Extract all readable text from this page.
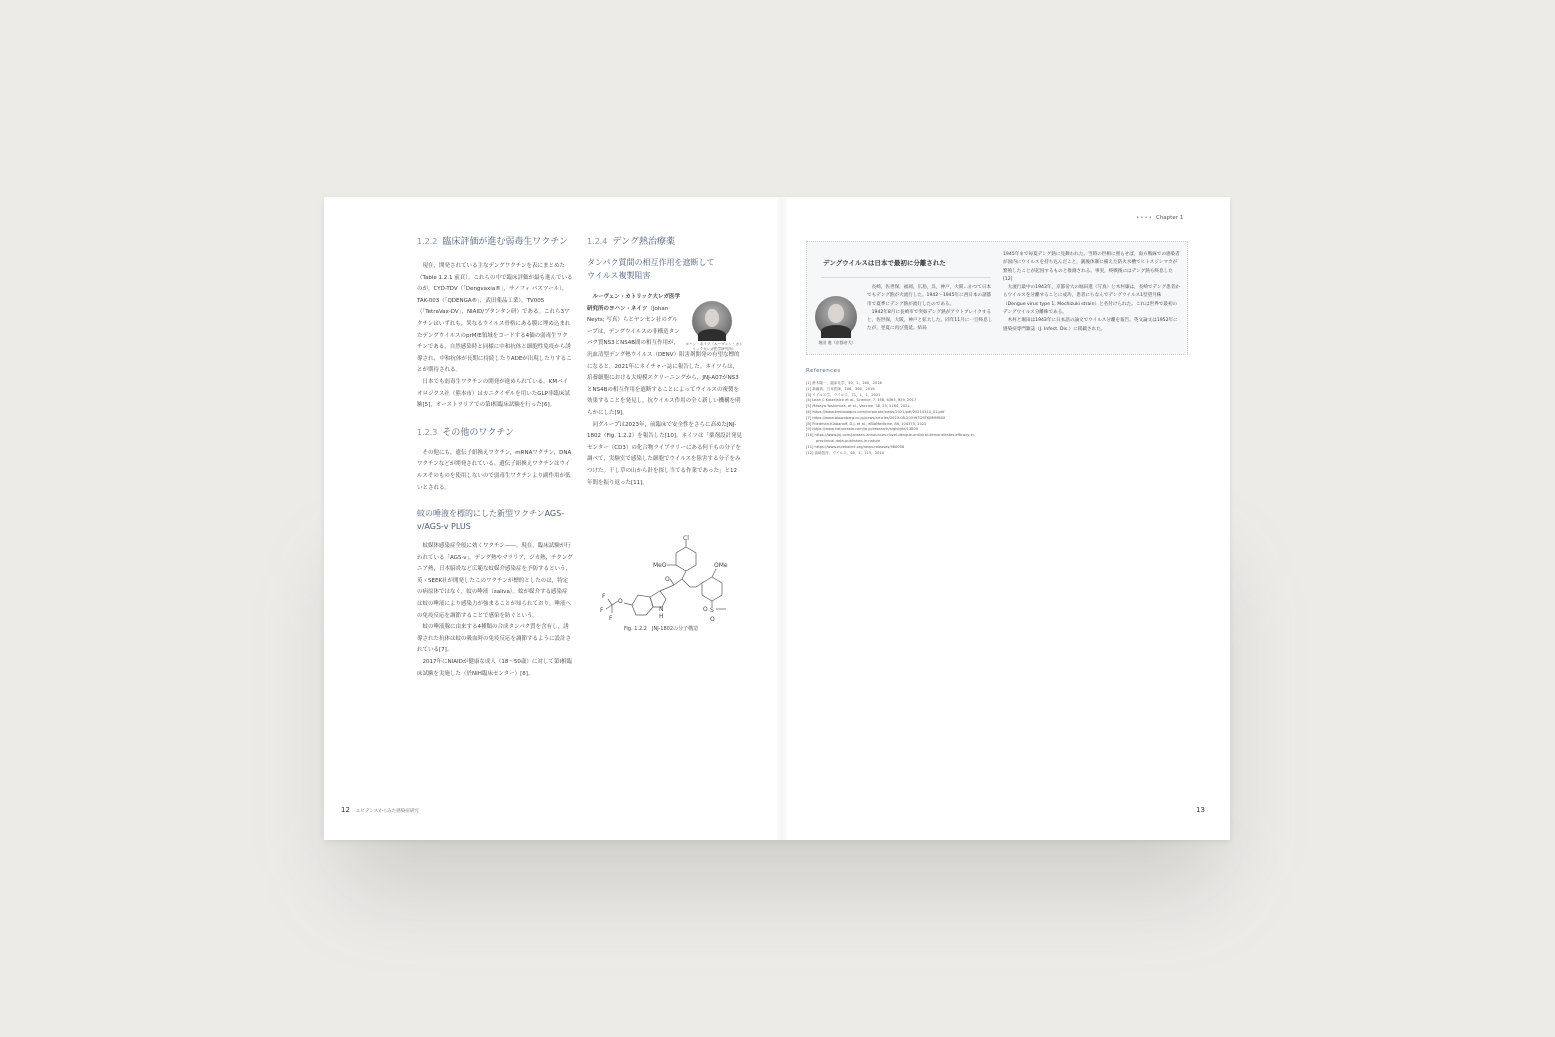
•••• Chapter 1
1.2.2 臨床評価が進む弱毒生ワクチン

現在，開発されている主なデングワクチンを表にまとめた（Table 1.2.1 前頁）。これらの中で臨床評価が最も進んでいるのが，CYD-TDV（「Dengvaxia®」，サノフィ パスツール），TAK-003（「QDENGA®」，武田薬品工業），TV005（「TetraVax-DV」，NIAID/ブタンタン研）である。これら3ワクチンはいずれも，異なるウイルス骨格にある膜に埋め込まれたデングウイルスのprM/E領域をコードする4価の弱毒生ワクチンである。自然感染時と同様に中和抗体と細胞性免疫から誘導され，中和抗体が長期に持続したりADEが出現したりすることが期待される。

日本でも弱毒生ワクチンの開発が進められている。KMバイオロジクス社（熊本市）はカニクイザルを用いたGLP非臨床試験[5]，オーストラリアでの第I相臨床試験を行った[6]。

1.2.3 その他のワクチン

その他にも，遺伝子組換えワクチン，mRNAワクチン，DNAワクチンなどが開発されている。遺伝子組換えワクチンはウイルスそのものを使用しないので弱毒生ワクチンより副作用が低いとされる。

蚊の唾液を標的にした新型ワクチンAGS-v/AGS-v PLUS

蚊媒体感染症全般に効くワクチン――。現在，臨床試験が行われている「AGS-v」。デング熱やマラリア，ジカ熱，チクングニア熱，日本脳炎など広範な蚊媒介感染症を予防するという，英・SEEK社が開発したこのワクチンが標的としたのは，特定の病原体ではなく，蚊の唾液（saliva）。蚊が媒介する感染症は蚊の唾液により感染力が強まることが知られており，唾液への免疫反応を調節することで感染を防ぐという。

蚊の唾液腺に由来する4種類の合成タンパク質を含有し，誘導された抗体は蚊の吸血時の免疫反応を調節するように設計されている[7]。

2017年にNIAIDが健康な成人（18～50歳）に対して第I相臨床試験を実施した（於NIH臨床センター）[8]。

1.2.4 デング熱治療薬
タンパク質間の相互作用を遮断してウイルス複製阻害

ルーヴェン・カトリック大レガ医学研究所のヨハン・ネイツ（Johan Neyts; 写真）らとヤンセン社のグループは，デングウイルスの非構造タンパク質NS3とNS4B間の相互作用が，

汎血清型デング熱ウイルス（DENV）阻害剤開発の有望な標的になると，2021年にネイチャー誌に報告した。ネイツらは，培養細胞における大規模スクリーニングから，JNJ-A07がNS3とNS4Bの相互作用を遮断することによってウイルスの複製を効果することを発見し，抗ウイルス作用の全く新しい機構を明らかにした[9]。

同グループは2023年，前臨床で安全性をさらに高めたJNJ-1802（Fig. 1.2.2）を報告した[10]。ネイツは「薬剤設計発見センター（CD3）の化合物ライブラリーにある何千もの分子を調べて，実験室で感染した細胞でウイルスを阻害する分子をみつけた。干し草の山から針を探し当てる作業であった」と12年間を振り返った[11]。

ヨハン・ネイツ（ルーヴェン・カトリック大レガ医学研究所）
Cl
MeO	OMe
O
N
H
F
F
F
O
S
O
O
Fig. 1.2.2　JNJ-1802の分子構造
デングウイルスは日本で最初に分離された
堀田 進（京都帝大）

長崎，佐世保，福岡，広島，呉，神戸，大阪…かつて日本でもデング熱が大流行した。1942～1945年に西日本の諸都市で夏季にデング熱が流行したのである。

1942年8月に長崎市で突如デング熱がアウトブレイクすると，佐世保，大阪，神戸と拡大した。同年11月に一旦終息したが，翌夏に再び蔓延。結局

1945年まで毎夏デング熱に見舞われた。当時の世相に照らせば，南方戦線での感染者が国内にウイルスを持ち込んだこと，銃後体制に備えた防火水槽でヒトスジシマカが繁殖したことが起因するものと推測される。事実，終戦後にはデング熱も終息した[12]

大流行最中の1943年，京都帝大の堀田進（写真）と木村廉は，長崎でデング患者からウイルスを分離することに成功，患者にちなんでデングウイルス1型望月株（Dengue virus type 1, Mochizuki strain）と名付けられた。これは世界で最初のデングウイルス分離株である。

木村と堀田は1943年に日本語の論文でウイルス分離を報告。英文論文は1952年に感染症専門雑誌（J. Infect. Dis.）に掲載された。

References
[1] 鈴木隆一，臨床化学，30，2，160，2016
[2] 新藤真，日本医師，106，360，2016
[3] ウイルス学，ウイルス，71，1，1，2021
[4] Leah C Katzelnick et al., Science, 7, 358, 6365, 929, 2017
[5] Masaya Yoshimura, et al., Vaccine, 38, 23, 3164, 2021
[6] https://www.kmbiologics.com/corporate/news/2021/pdf/20210310_01.pdf
[7] https://www.bloomberg.co.jp/news/articles/2020-08-20/HHTG6TKJMMMI0X
[8] Friedman-Klabanoff, D.J. et al., eBioMedicine, 86, 104375, 2022
[9] https://www.natureasia.com/ja-jp/research/highlight/13800
[10] https://www.jnj.com/janssen-announces-novel-dengue-antiviral-demonstrates-efficacy-in-
preclinical-data-published-in-nature
[11] https://www.eurekalert.org/news-releases/980058
[12] 高崎智彦，ウイルス，65，1，115，2014
12 エビデンスからみた感染症研究	13
